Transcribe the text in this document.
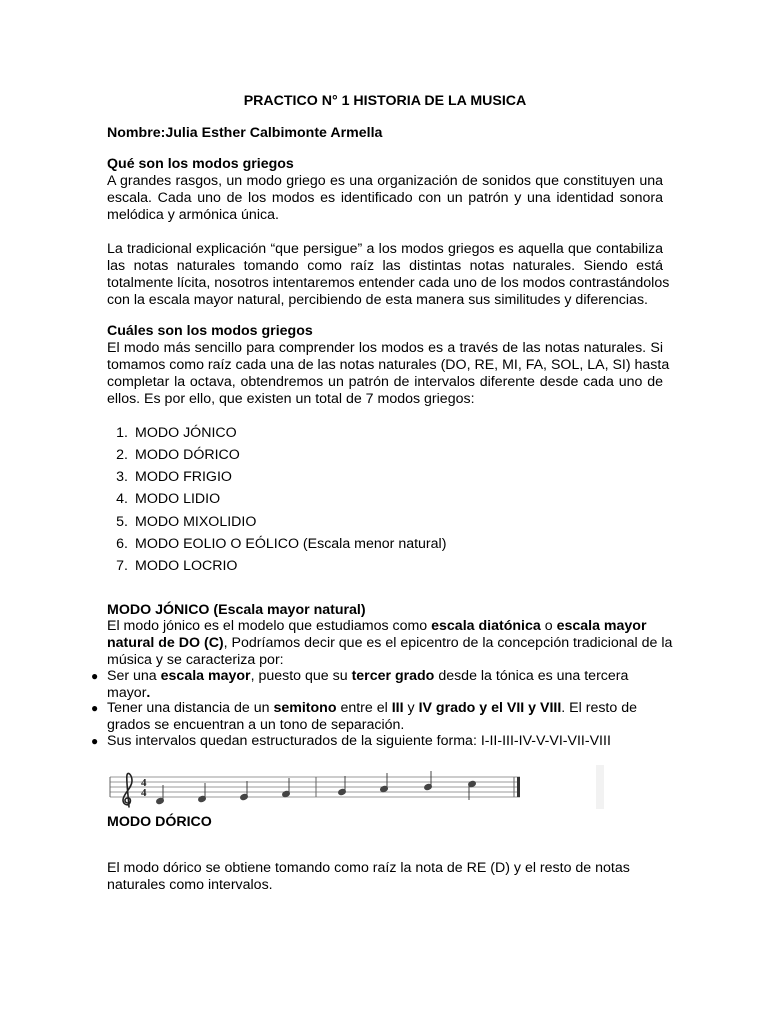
PRACTICO N° 1 HISTORIA DE LA MUSICA
Nombre:Julia Esther Calbimonte Armella
Qué son los modos griegos
A grandes rasgos, un modo griego es una organización de sonidos que constituyen una
escala. Cada uno de los modos es identificado con un patrón y una identidad sonora
melódica y armónica única.
La tradicional explicación “que persigue” a los modos griegos es aquella que contabiliza
las notas naturales tomando como raíz las distintas notas naturales. Siendo está
totalmente lícita, nosotros intentaremos entender cada uno de los modos contrastándolos
con la escala mayor natural, percibiendo de esta manera sus similitudes y diferencias.
Cuáles son los modos griegos
El modo más sencillo para comprender los modos es a través de las notas naturales. Si
tomamos como raíz cada una de las notas naturales (DO, RE, MI, FA, SOL, LA, SI) hasta
completar la octava, obtendremos un patrón de intervalos diferente desde cada uno de
ellos. Es por ello, que existen un total de 7 modos griegos:
1. MODO JÓNICO
2. MODO DÓRICO
3. MODO FRIGIO
4. MODO LIDIO
5. MODO MIXOLIDIO
6. MODO EOLIO O EÓLICO (Escala menor natural)
7. MODO LOCRIO
MODO JÓNICO (Escala mayor natural)
El modo jónico es el modelo que estudiamos como escala diatónica o escala mayor
natural de DO (C), Podríamos decir que es el epicentro de la concepción tradicional de la
música y se caracteriza por:
● Ser una escala mayor, puesto que su tercer grado desde la tónica es una tercera
mayor.
● Tener una distancia de un semitono entre el III y IV grado y el VII y VIII. El resto de
grados se encuentran a un tono de separación.
● Sus intervalos quedan estructurados de la siguiente forma: I-II-III-IV-V-VI-VII-VIII
MODO DÓRICO
El modo dórico se obtiene tomando como raíz la nota de RE (D) y el resto de notas
naturales como intervalos.
4
4
